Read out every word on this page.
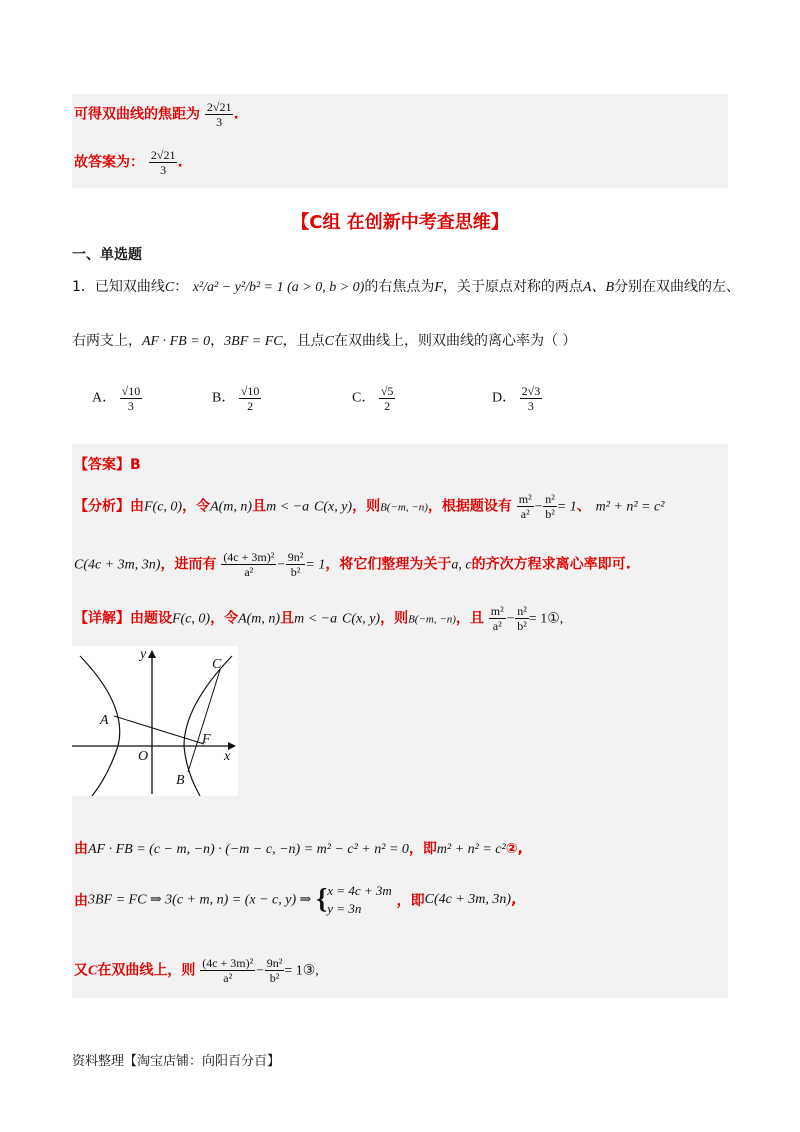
可得双曲线的焦距为 $\frac{2√21}{3}$ .
故答案为： $\frac{2√21}{3}$ .
【C组 在创新中考查思维】
一、单选题
1．已知双曲线C： x²/a² − y²/b² = 1 (a > 0, b > 0)的右焦点为F，关于原点对称的两点A、B分别在双曲线的左、
右两支上，AF · FB = 0，3BF = FC，且点C在双曲线上，则双曲线的离心率为（ ）
A． $\frac{√10}{3}$	B． $\frac{√10}{2}$	C． $\frac{√5}{2}$	D． $\frac{2√3}{3}$
【答案】B
【分析】由F(c, 0)，令A(m, n)且m < −a C(x, y)，则B(−m, −n)，根据题设有 $\frac{\text{m²}}{\text{a²}} - \frac{\text{n²}}{\text{b²}} = 1$、 m² + n² = c²
C(4c + 3m, 3n)，进而有 $\frac{\text{(4c + 3m)²}}{\text{a²}} - \frac{\text{9n²}}{\text{b²}} = 1$，将它们整理为关于a, c的齐次方程求离心率即可.
【详解】由题设F(c, 0)，令A(m, n)且m < −a C(x, y)，则B(−m, −n)，且 $\frac{\text{m²}}{\text{a²}} - \frac{\text{n²}}{\text{b²}}$ = 1①,
y
x
C
A
F
O
B
由AF · FB = (c − m, −n) · (−m − c, −n) = m² − c² + n² = 0，即m² + n² = c²②,
由3BF = FC ⇒ 3(c + m, n) = (x − c, y) ⇒ { x = 4c + 3m
y = 3n	，即C(4c + 3m, 3n),
又C在双曲线上，则 $\frac{\text{(4c + 3m)²}}{\text{a²}} - \frac{\text{9n²}}{\text{b²}}$ = 1③,
资料整理【淘宝店铺：向阳百分百】
